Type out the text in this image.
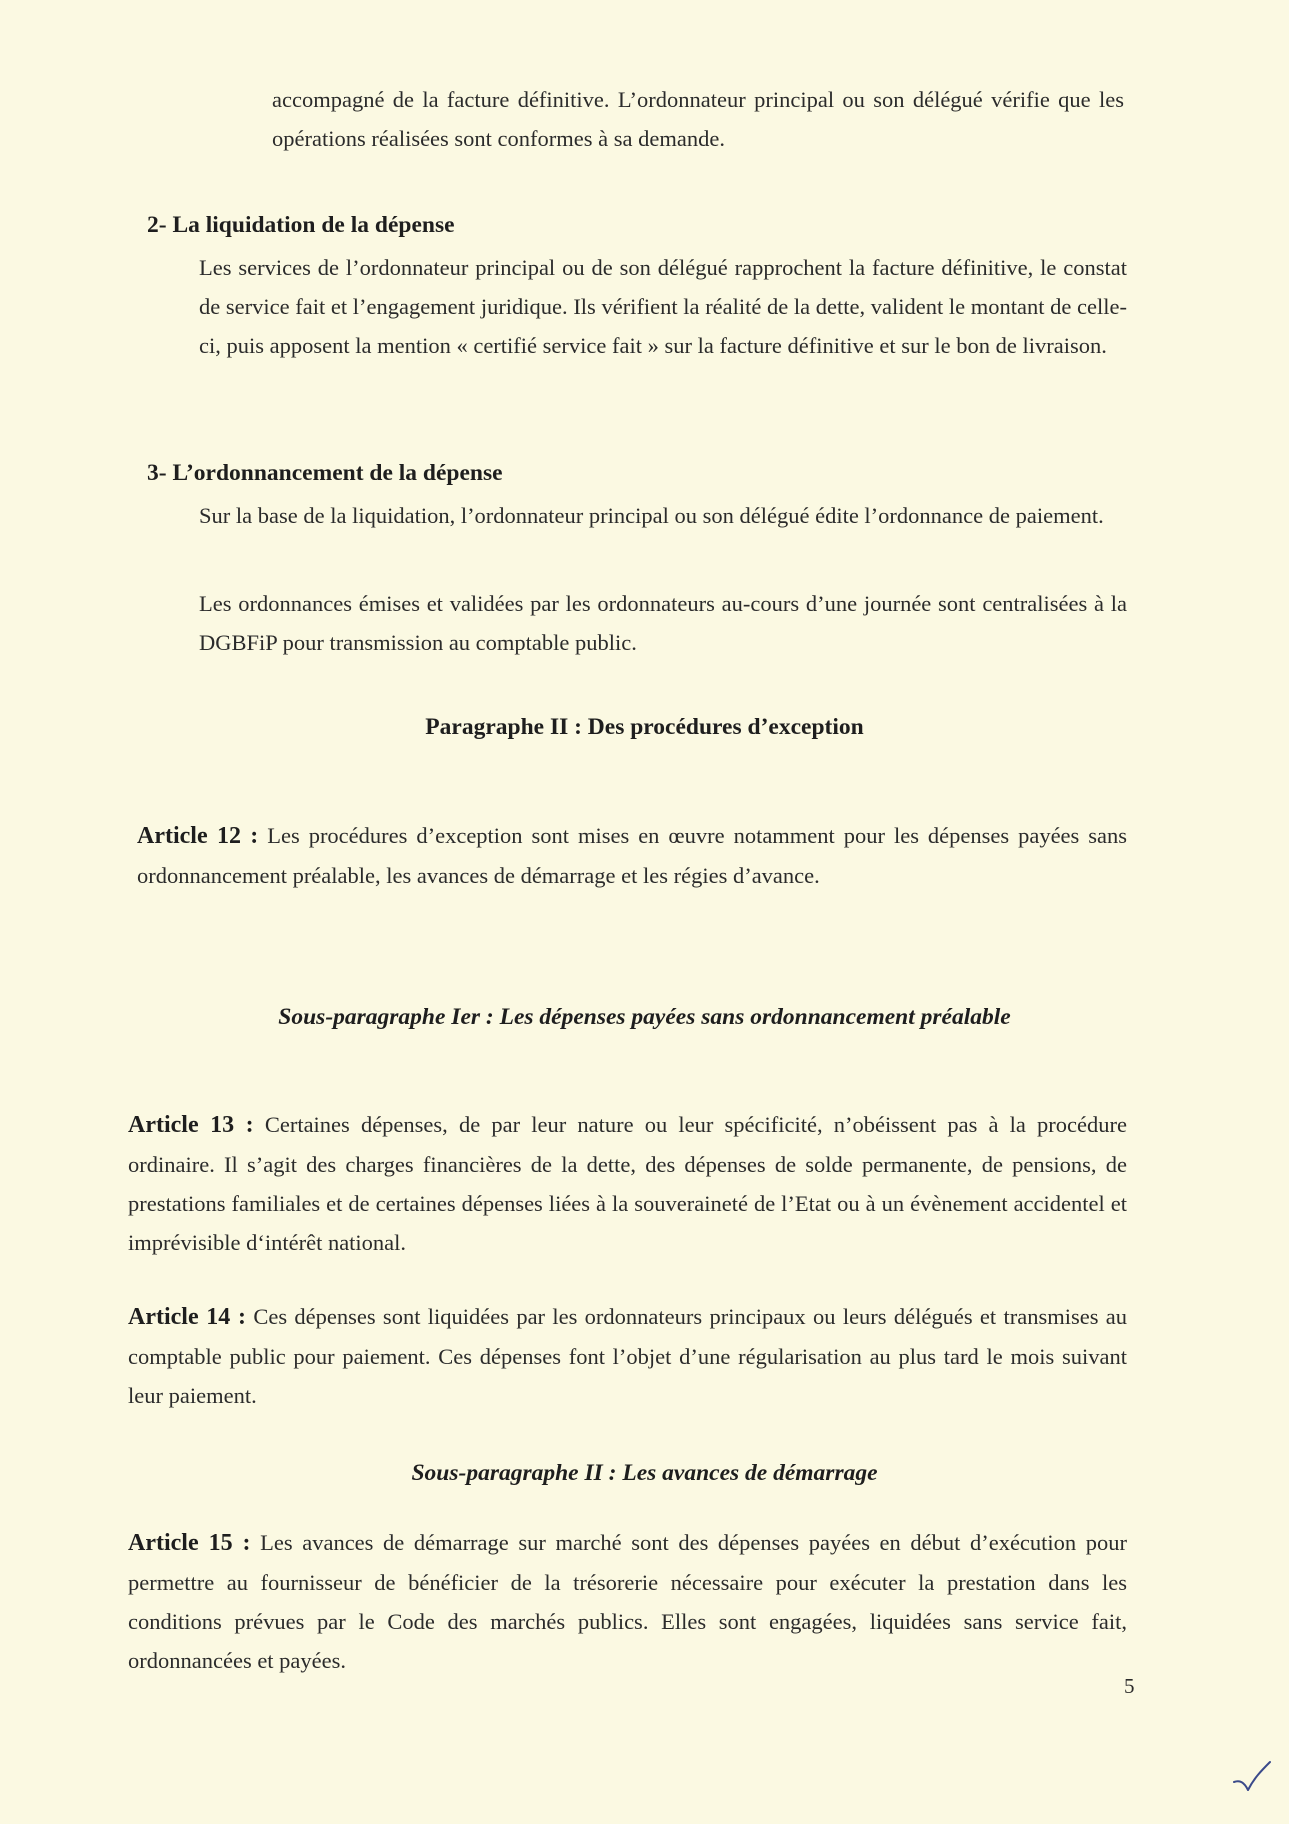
accompagné de la facture définitive. L’ordonnateur principal ou son délégué vérifie que les opérations réalisées sont conformes à sa demande.

2- La liquidation de la dépense

Les services de l’ordonnateur principal ou de son délégué rapprochent la facture définitive, le constat de service fait et l’engagement juridique. Ils vérifient la réalité de la dette, valident le montant de celle-ci, puis apposent la mention « certifié service fait » sur la facture définitive et sur le bon de livraison.

3- L’ordonnancement de la dépense

Sur la base de la liquidation, l’ordonnateur principal ou son délégué édite l’ordonnance de paiement.

Les ordonnances émises et validées par les ordonnateurs au-cours d’une journée sont centralisées à la DGBFiP pour transmission au comptable public.

Paragraphe II : Des procédures d’exception

Article 12 : Les procédures d’exception sont mises en œuvre notamment pour les dépenses payées sans ordonnancement préalable, les avances de démarrage et les régies d’avance.

Sous-paragraphe Ier : Les dépenses payées sans ordonnancement préalable

Article 13 : Certaines dépenses, de par leur nature ou leur spécificité, n’obéissent pas à la procédure ordinaire. Il s’agit des charges financières de la dette, des dépenses de solde permanente, de pensions, de prestations familiales et de certaines dépenses liées à la souveraineté de l’Etat ou à un évènement accidentel et imprévisible d‘intérêt national.

Article 14 : Ces dépenses sont liquidées par les ordonnateurs principaux ou leurs délégués et transmises au comptable public pour paiement. Ces dépenses font l’objet d’une régularisation au plus tard le mois suivant leur paiement.

Sous-paragraphe II : Les avances de démarrage

Article 15 : Les avances de démarrage sur marché sont des dépenses payées en début d’exécution pour permettre au fournisseur de bénéficier de la trésorerie nécessaire pour exécuter la prestation dans les conditions prévues par le Code des marchés publics. Elles sont engagées, liquidées sans service fait, ordonnancées et payées.

5
